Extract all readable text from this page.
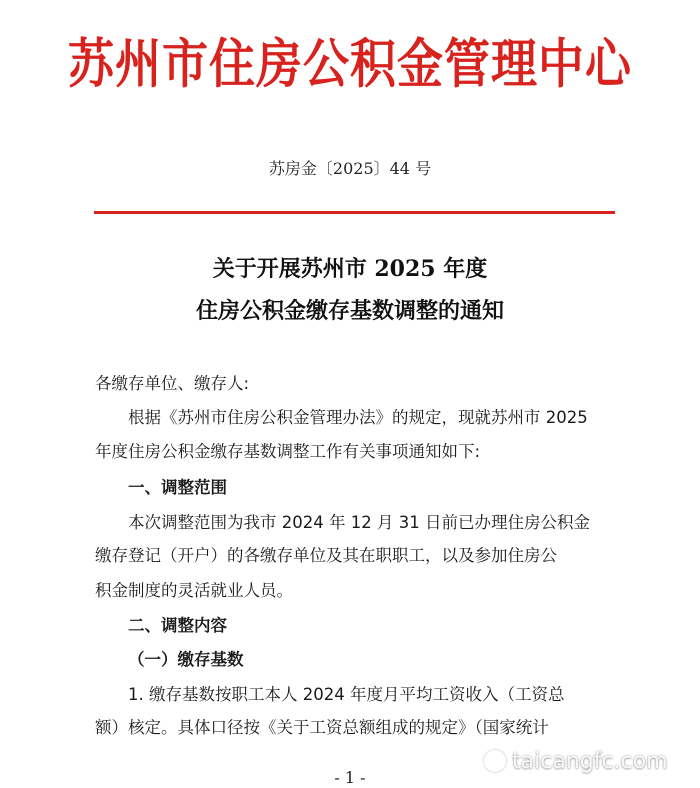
苏州市住房公积金管理中心
苏房金〔2025〕44 号
关于开展苏州市 2025 年度
住房公积金缴存基数调整的通知
各缴存单位、缴存人:
根据《苏州市住房公积金管理办法》的规定，现就苏州市 2025
年度住房公积金缴存基数调整工作有关事项通知如下:
一、调整范围
本次调整范围为我市 2024 年 12 月 31 日前已办理住房公积金
缴存登记（开户）的各缴存单位及其在职职工，以及参加住房公
积金制度的灵活就业人员。
二、调整内容
（一）缴存基数
1. 缴存基数按职工本人 2024 年度月平均工资收入（工资总
额）核定。具体口径按《关于工资总额组成的规定》（国家统计
- 1 -
taicangfc.com
